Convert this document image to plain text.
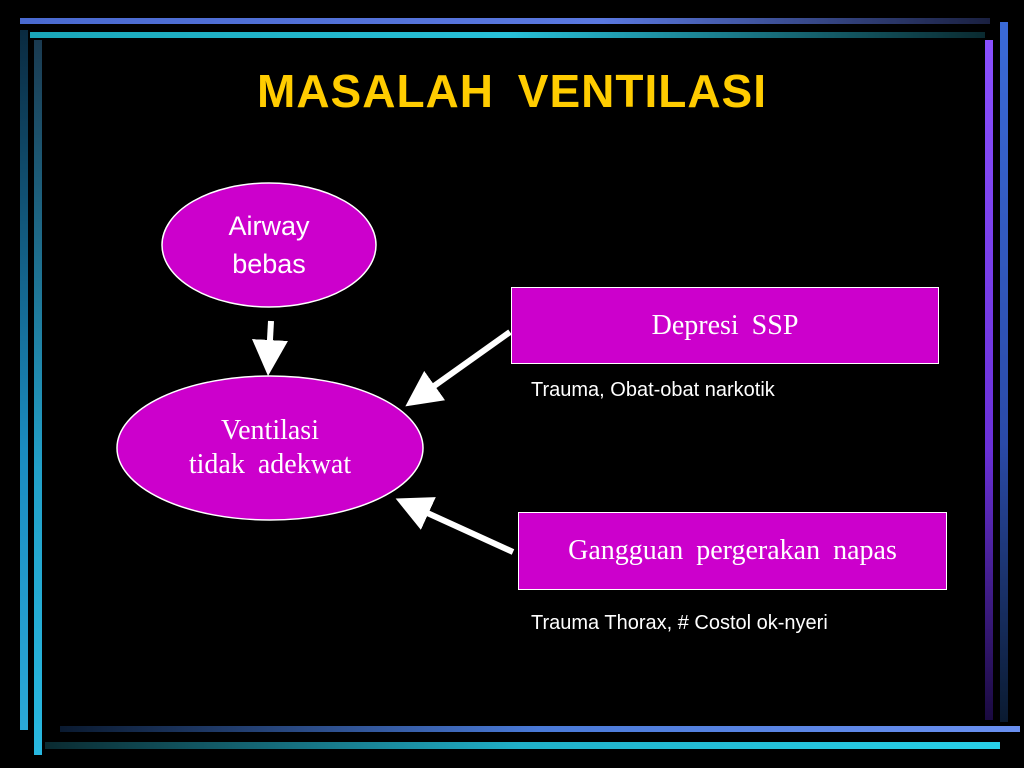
MASALAH VENTILASI
Airway
bebas
Ventilasi
tidak adekwat
Depresi SSP
Trauma, Obat-obat narkotik
Gangguan pergerakan napas
Trauma Thorax, # Costol ok-nyeri
